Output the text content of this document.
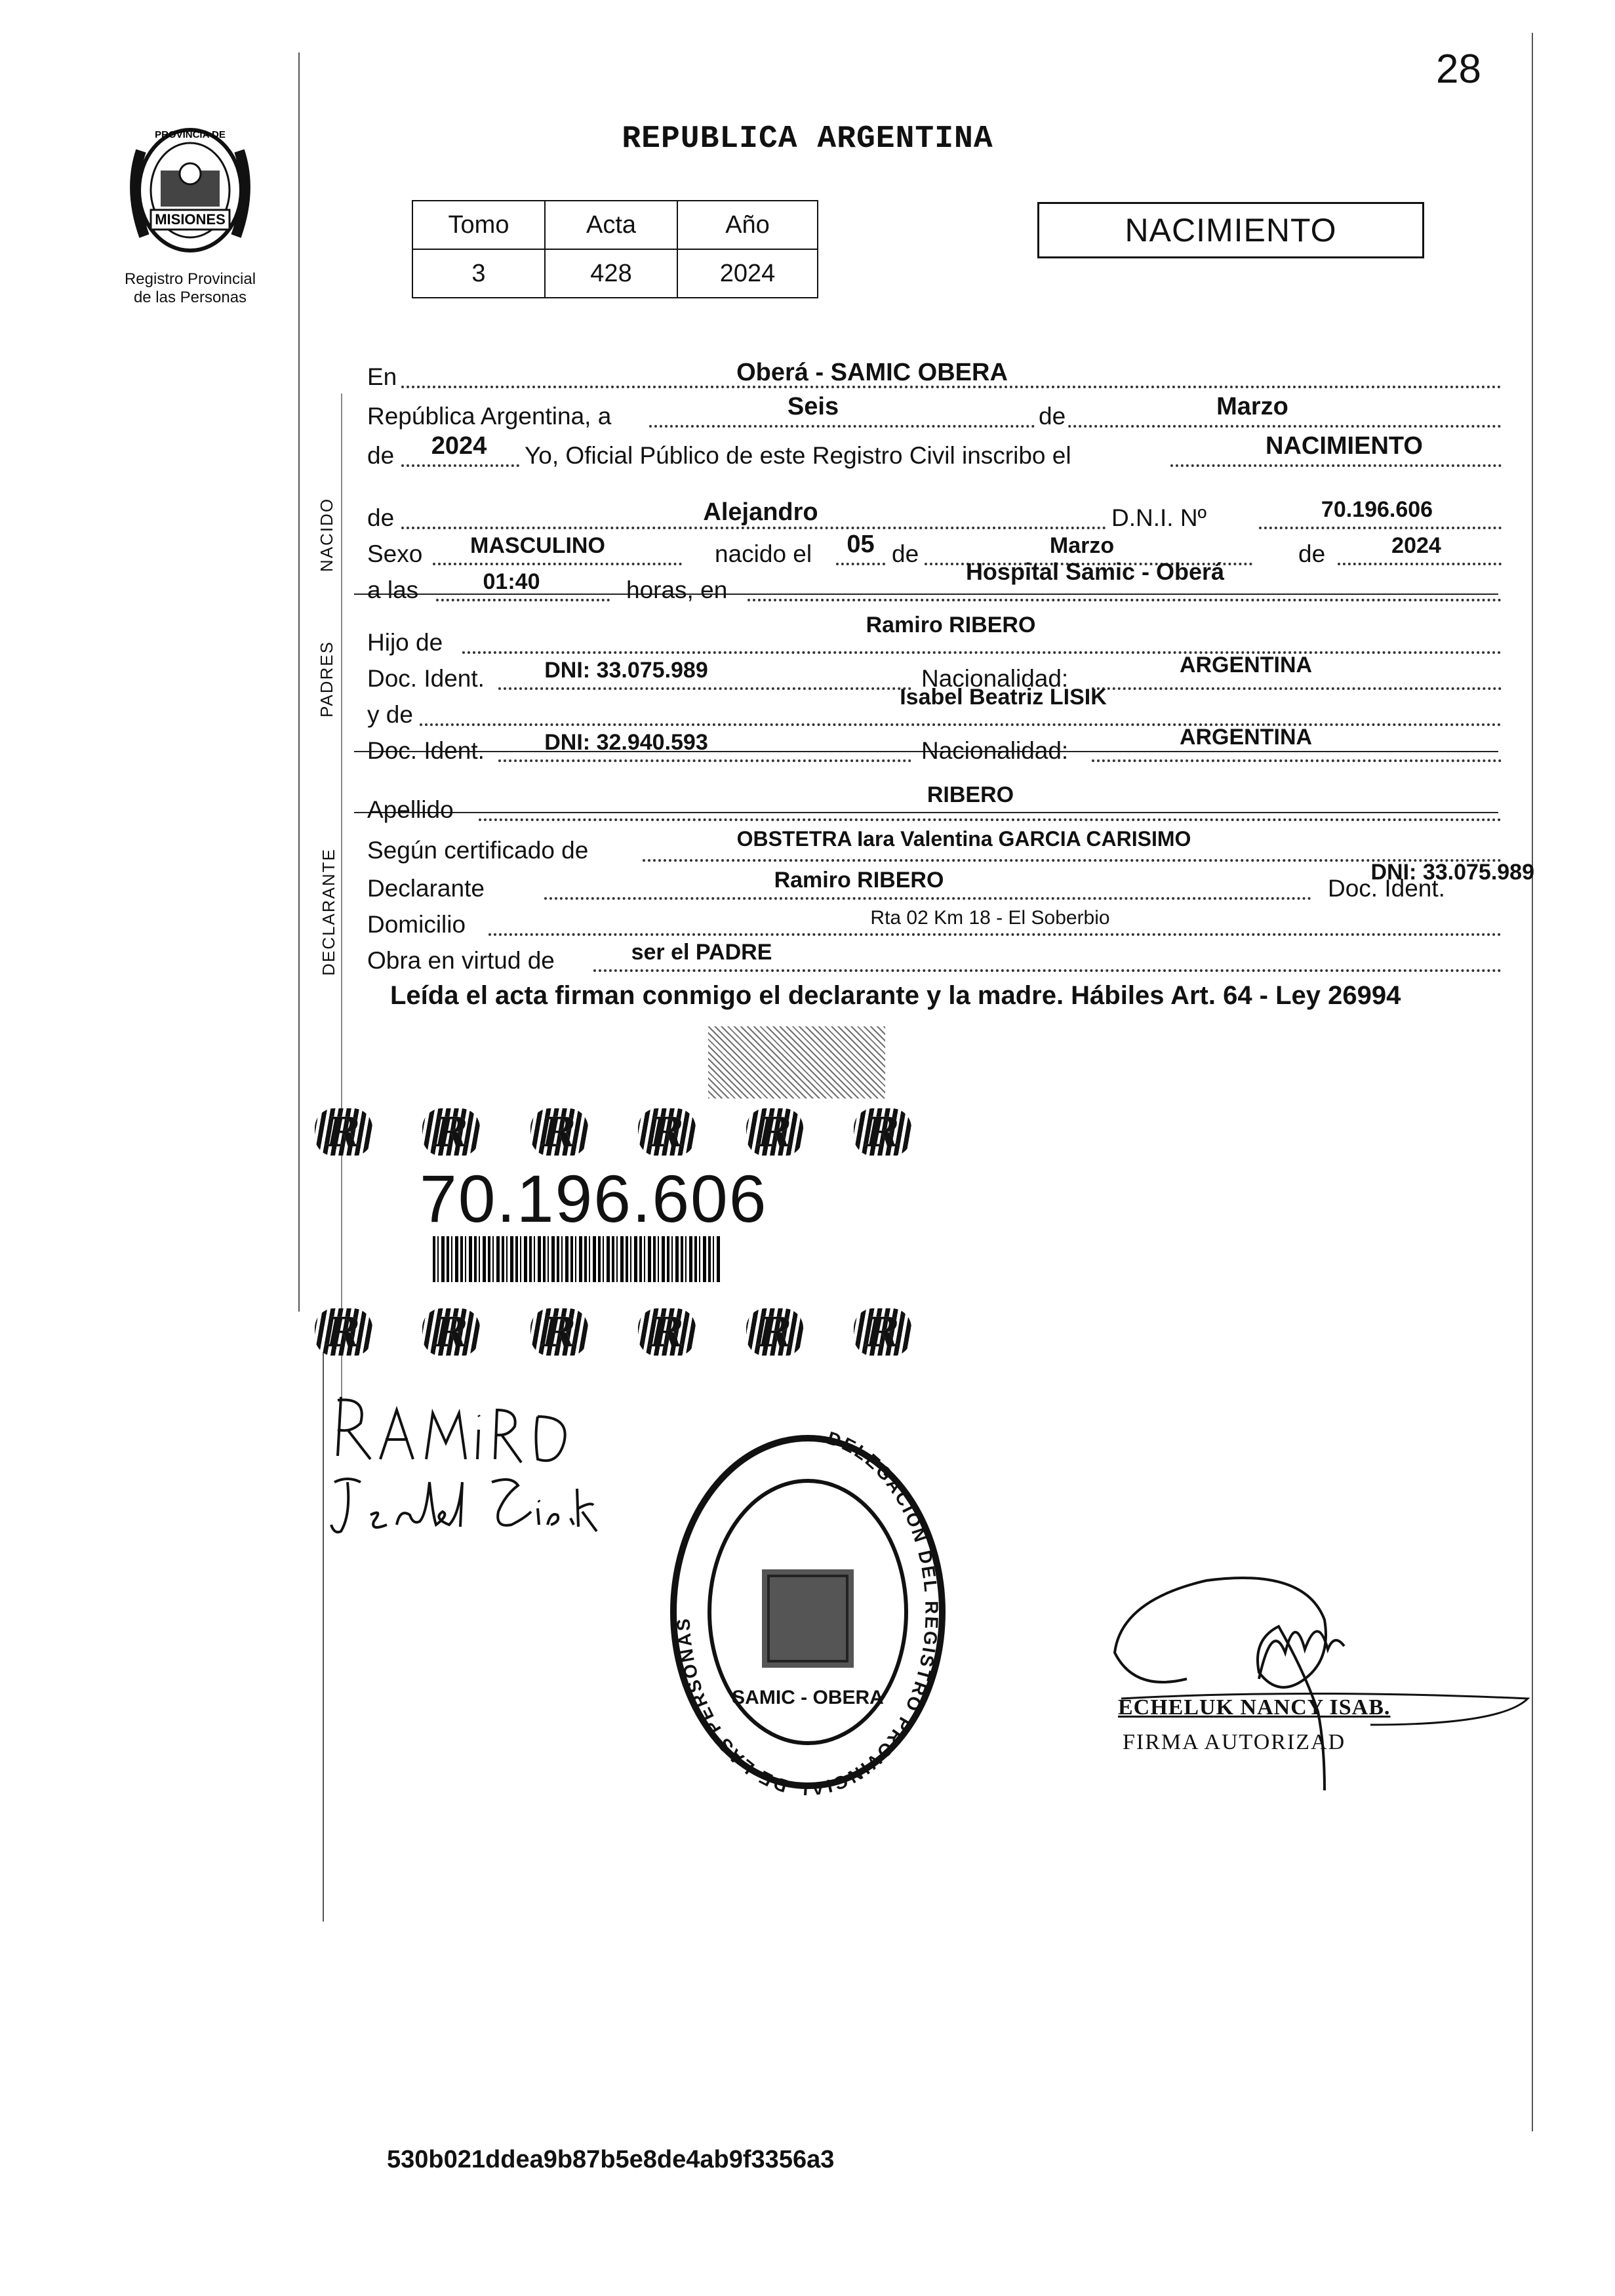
28
MISIONES
PROVINCIA DE
Registro Provincial
de las Personas
REPUBLICA ARGENTINA
Tomo	Acta	Año
3	428	2024
NACIMIENTO
NACIDO
PADRES
DECLARANTE
En	Oberá - SAMIC OBERA
República Argentina, a	Seis	de	Marzo
de	2024	Yo, Oficial Público de este Registro Civil inscribo el	NACIMIENTO
de	Alejandro	D.N.I. Nº	70.196.606
Sexo	MASCULINO	nacido el	05 de	Marzo	de	2024
a las	01:40	horas, en
Hospital Samic - Oberá
Hijo de
Ramiro RIBERO
Doc. Ident.	DNI: 33.075.989	Nacionalidad:	ARGENTINA
y de
Isabel Beatriz LISIK
Doc. Ident.	DNI: 32.940.593	Nacionalidad:	ARGENTINA
Apellido
RIBERO
Según certificado de	OBSTETRA Iara Valentina GARCIA CARISIMO
Declarante	Ramiro RIBERO	Doc. Ident.
DNI: 33.075.989
Domicilio	Rta 02 Km 18 - El Soberbio
Obra en virtud de	ser el PADRE
Leída el acta firman conmigo el declarante y la madre. Hábiles Art. 64 - Ley 26994
R R R R R R
70.196.606
R R R R R R
DELEGACIÓN DEL REGISTRO PROVINCIAL DE LAS PERSONAS
SAMIC - OBERA	ECHELUK NANCY ISAB.
FIRMA AUTORIZAD
530b021ddea9b87b5e8de4ab9f3356a3
